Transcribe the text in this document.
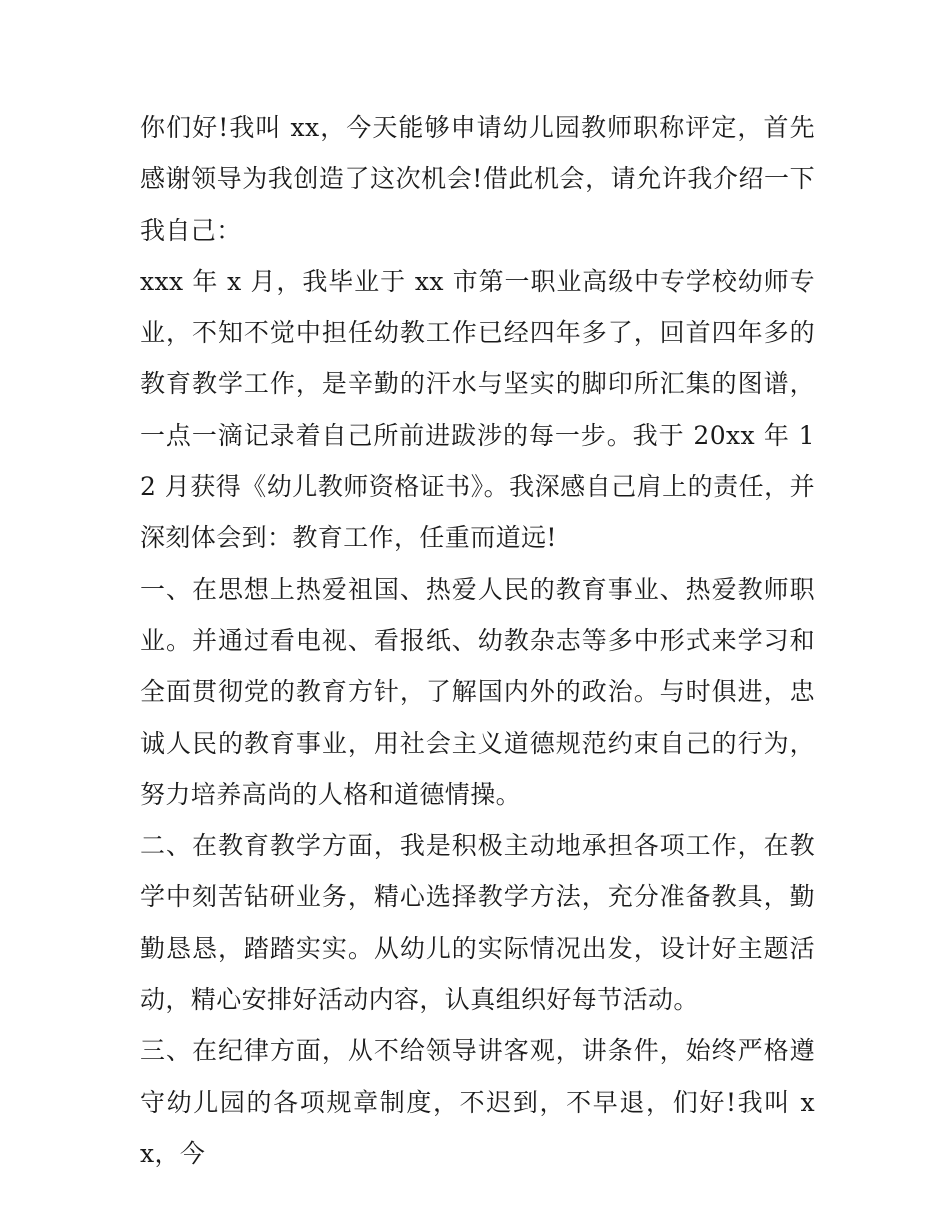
你们好!我叫 xx，今天能够申请幼儿园教师职称评定，首先感谢领导为我创造了这次机会!借此机会，请允许我介绍一下我自己：

xxx 年 x 月，我毕业于 xx 市第一职业高级中专学校幼师专业，不知不觉中担任幼教工作已经四年多了，回首四年多的教育教学工作，是辛勤的汗水与坚实的脚印所汇集的图谱，一点一滴记录着自己所前进跋涉的每一步。我于 20xx 年 12 月获得《幼儿教师资格证书》。我深感自己肩上的责任，并深刻体会到：教育工作，任重而道远!

一、在思想上热爱祖国、热爱人民的教育事业、热爱教师职业。并通过看电视、看报纸、幼教杂志等多中形式来学习和全面贯彻党的教育方针，了解国内外的政治。与时俱进，忠诚人民的教育事业，用社会主义道德规范约束自己的行为，努力培养高尚的人格和道德情操。

二、在教育教学方面，我是积极主动地承担各项工作，在教学中刻苦钻研业务，精心选择教学方法，充分准备教具，勤勤恳恳，踏踏实实。从幼儿的实际情况出发，设计好主题活动，精心安排好活动内容，认真组织好每节活动。

三、在纪律方面，从不给领导讲客观，讲条件，始终严格遵守幼儿园的各项规章制度，不迟到，不早退，们好!我叫 xx，今
